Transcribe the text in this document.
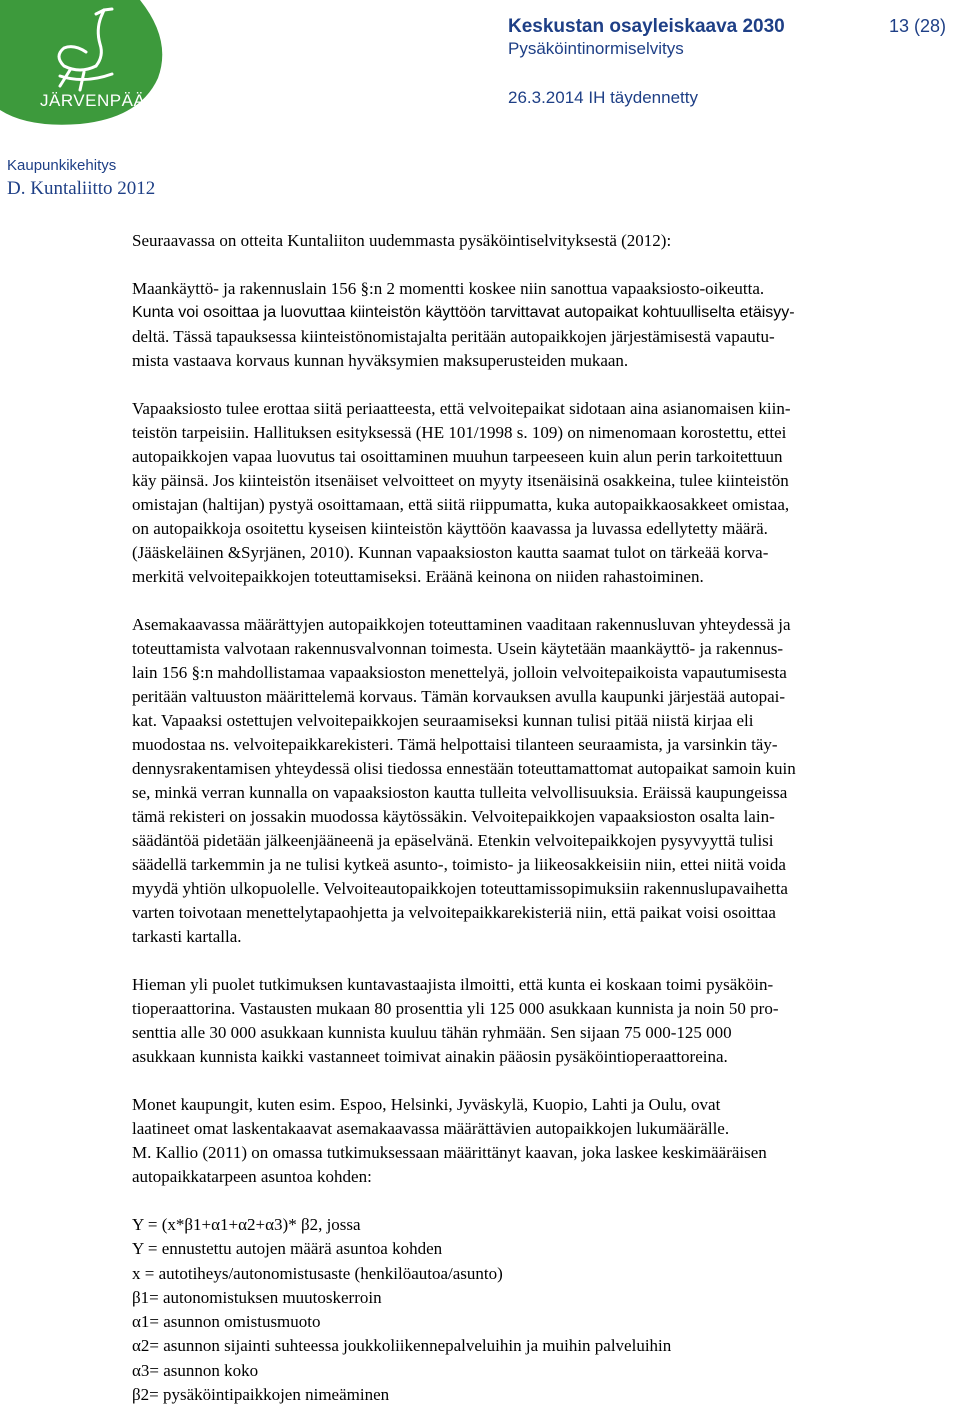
JÄRVENPÄÄ
Keskustan osayleiskaava 2030	13 (28)
Pysäköintinormiselvitys
26.3.2014 IH täydennetty
Kaupunkikehitys
D. Kuntaliitto 2012

Seuraavassa on otteita Kuntaliiton uudemmasta pysäköintiselvityksestä (2012):

Maankäyttö- ja rakennuslain 156 §:n 2 momentti koskee niin sanottua vapaaksiosto-oikeutta.

Kunta voi osoittaa ja luovuttaa kiinteistön käyttöön tarvittavat autopaikat kohtuulliselta etäisyy-

deltä. Tässä tapauksessa kiinteistönomistajalta peritään autopaikkojen järjestämisestä vapautu-

mista vastaava korvaus kunnan hyväksymien maksuperusteiden mukaan.

Vapaaksiosto tulee erottaa siitä periaatteesta, että velvoitepaikat sidotaan aina asianomaisen kiin-

teistön tarpeisiin. Hallituksen esityksessä (HE 101/1998 s. 109) on nimenomaan korostettu, ettei

autopaikkojen vapaa luovutus tai osoittaminen muuhun tarpeeseen kuin alun perin tarkoitettuun

käy päinsä. Jos kiinteistön itsenäiset velvoitteet on myyty itsenäisinä osakkeina, tulee kiinteistön

omistajan (haltijan) pystyä osoittamaan, että siitä riippumatta, kuka autopaikkaosakkeet omistaa,

on autopaikkoja osoitettu kyseisen kiinteistön käyttöön kaavassa ja luvassa edellytetty määrä.

(Jääskeläinen &Syrjänen, 2010). Kunnan vapaaksioston kautta saamat tulot on tärkeää korva-

merkitä velvoitepaikkojen toteuttamiseksi. Eräänä keinona on niiden rahastoiminen.

Asemakaavassa määrättyjen autopaikkojen toteuttaminen vaaditaan rakennusluvan yhteydessä ja

toteuttamista valvotaan rakennusvalvonnan toimesta. Usein käytetään maankäyttö- ja rakennus-

lain 156 §:n mahdollistamaa vapaaksioston menettelyä, jolloin velvoitepaikoista vapautumisesta

peritään valtuuston määrittelemä korvaus. Tämän korvauksen avulla kaupunki järjestää autopai-

kat. Vapaaksi ostettujen velvoitepaikkojen seuraamiseksi kunnan tulisi pitää niistä kirjaa eli

muodostaa ns. velvoitepaikkarekisteri. Tämä helpottaisi tilanteen seuraamista, ja varsinkin täy-

dennysrakentamisen yhteydessä olisi tiedossa ennestään toteuttamattomat autopaikat samoin kuin

se, minkä verran kunnalla on vapaaksioston kautta tulleita velvollisuuksia. Eräissä kaupungeissa

tämä rekisteri on jossakin muodossa käytössäkin. Velvoitepaikkojen vapaaksioston osalta lain-

säädäntöä pidetään jälkeenjääneenä ja epäselvänä. Etenkin velvoitepaikkojen pysyvyyttä tulisi

säädellä tarkemmin ja ne tulisi kytkeä asunto-, toimisto- ja liikeosakkeisiin niin, ettei niitä voida

myydä yhtiön ulkopuolelle. Velvoiteautopaikkojen toteuttamissopimuksiin rakennuslupavaihetta

varten toivotaan menettelytapaohjetta ja velvoitepaikkarekisteriä niin, että paikat voisi osoittaa

tarkasti kartalla.

Hieman yli puolet tutkimuksen kuntavastaajista ilmoitti, että kunta ei koskaan toimi pysäköin-

tioperaattorina. Vastausten mukaan 80 prosenttia yli 125 000 asukkaan kunnista ja noin 50 pro-

senttia alle 30 000 asukkaan kunnista kuuluu tähän ryhmään. Sen sijaan 75 000‑125 000

asukkaan kunnista kaikki vastanneet toimivat ainakin pääosin pysäköintioperaattoreina.

Monet kaupungit, kuten esim. Espoo, Helsinki, Jyväskylä, Kuopio, Lahti ja Oulu, ovat

laatineet omat laskentakaavat asemakaavassa määrättävien autopaikkojen lukumäärälle.

M. Kallio (2011) on omassa tutkimuksessaan määrittänyt kaavan, joka laskee keskimääräisen

autopaikkatarpeen asuntoa kohden:

Y = (x*β1+α1+α2+α3)* β2, jossa

Y = ennustettu autojen määrä asuntoa kohden

x = autotiheys/autonomistusaste (henkilöautoa/asunto)

β1= autonomistuksen muutoskerroin

α1= asunnon omistusmuoto

α2= asunnon sijainti suhteessa joukkoliikennepalveluihin ja muihin palveluihin

α3= asunnon koko

β2= pysäköintipaikkojen nimeäminen
